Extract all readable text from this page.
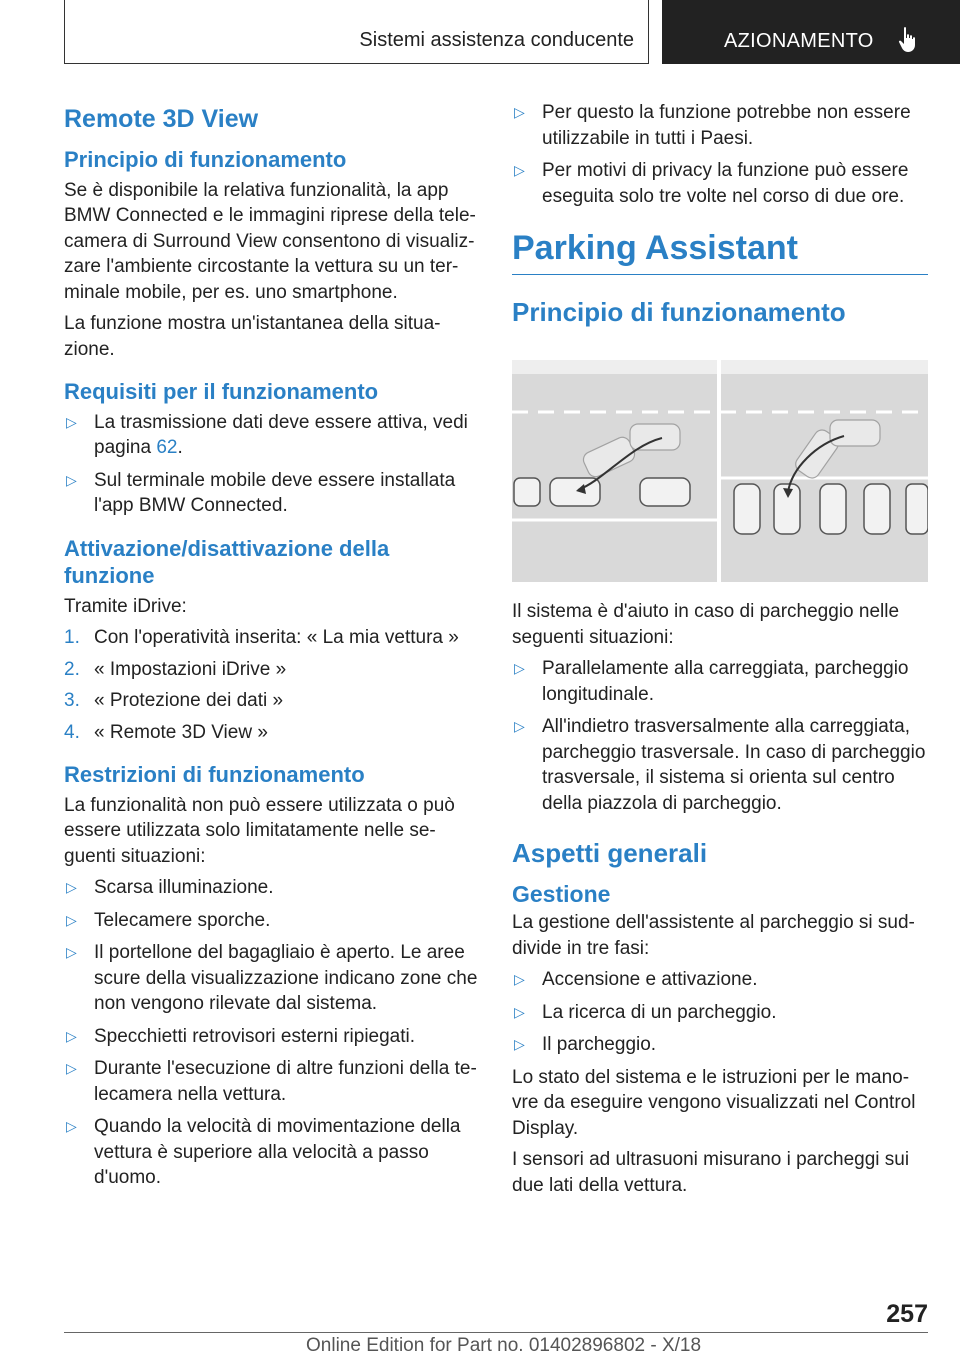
Sistemi assistenza conducente	AZIONAMENTO
Remote 3D View
Principio di funzionamento

Se è disponibile la relativa funzionalità, la app BMW Connected e le immagini riprese della tele-camera di Surround View consentono di visualiz-zare l'ambiente circostante la vettura su un ter-minale mobile, per es. uno smartphone.

La funzione mostra un'istantanea della situa-zione.

Requisiti per il funzionamento
▷ La trasmissione dati deve essere attiva, vedi pagina 62.
▷ Sul terminale mobile deve essere installata l'app BMW Connected.
Attivazione/disattivazione della funzione

Tramite iDrive:

1. Con l'operatività inserita: « La mia vettura »
2. « Impostazioni iDrive »
3. « Protezione dei dati »
4. « Remote 3D View »
Restrizioni di funzionamento

La funzionalità non può essere utilizzata o può essere utilizzata solo limitatamente nelle se-guenti situazioni:

▷ Scarsa illuminazione.
▷ Telecamere sporche.
▷ Il portellone del bagagliaio è aperto. Le aree scure della visualizzazione indicano zone che non vengono rilevate dal sistema.
▷ Specchietti retrovisori esterni ripiegati.
▷ Durante l'esecuzione di altre funzioni della te-lecamera nella vettura.
▷ Quando la velocità di movimentazione della vettura è superiore alla velocità a passo d'uomo.
▷ Per questo la funzione potrebbe non essere utilizzabile in tutti i Paesi.
▷ Per motivi di privacy la funzione può essere eseguita solo tre volte nel corso di due ore.
Parking Assistant
Principio di funzionamento

Il sistema è d'aiuto in caso di parcheggio nelle seguenti situazioni:

▷ Parallelamente alla carreggiata, parcheggio longitudinale.
▷ All'indietro trasversalmente alla carreggiata, parcheggio trasversale. In caso di parcheggio trasversale, il sistema si orienta sul centro della piazzola di parcheggio.
Aspetti generali
Gestione

La gestione dell'assistente al parcheggio si sud-divide in tre fasi:

▷ Accensione e attivazione.
▷ La ricerca di un parcheggio.
▷ Il parcheggio.

Lo stato del sistema e le istruzioni per le mano-vre da eseguire vengono visualizzati nel Control Display.

I sensori ad ultrasuoni misurano i parcheggi sui due lati della vettura.

257
Online Edition for Part no. 01402896802 - X/18
